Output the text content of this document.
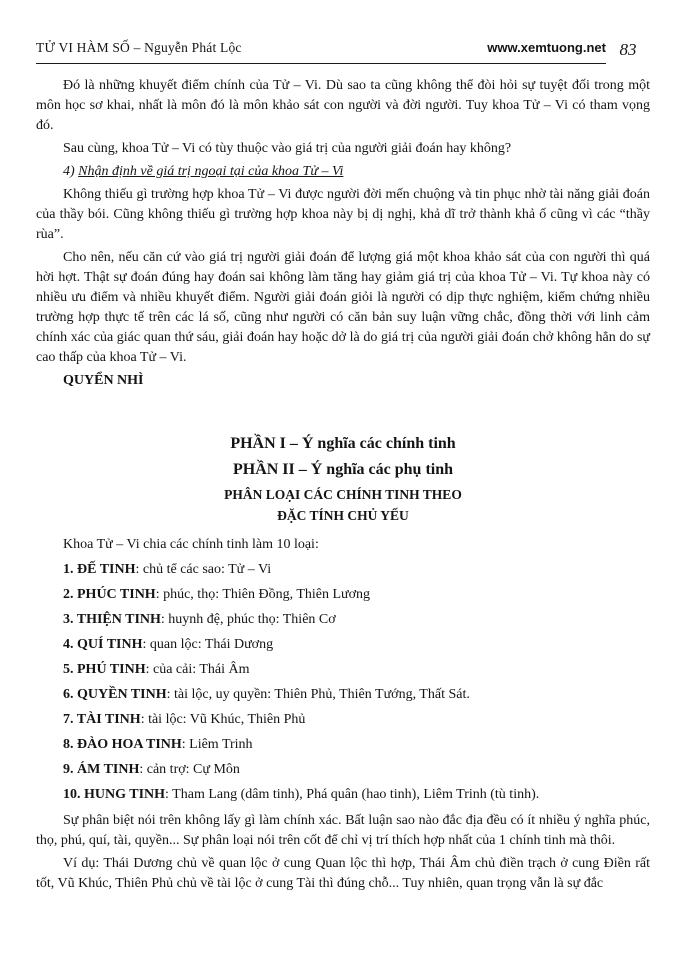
TỬ VI HÀM SỐ – Nguyễn Phát Lộc	www.xemtuong.net 83

Đó là những khuyết điểm chính của Tử – Vi. Dù sao ta cũng không thể đòi hỏi sự tuyệt đối trong một môn học sơ khai, nhất là môn đó là môn khảo sát con người và đời người. Tuy khoa Tử – Vi có tham vọng đó.

Sau cùng, khoa Tử – Vi có tùy thuộc vào giá trị của người giải đoán hay không?

4) Nhận định về giá trị ngoại tại của khoa Tử – Vi

Không thiếu gì trường hợp khoa Tử – Vi được người đời mến chuộng và tin phục nhờ tài năng giải đoán của thầy bói. Cũng không thiếu gì trường hợp khoa này bị dị nghị, khả dĩ trở thành khả ố cũng vì các “thầy rùa”.

Cho nên, nếu căn cứ vào giá trị người giải đoán để lượng giá một khoa khảo sát của con người thì quá hời hợt. Thật sự đoán đúng hay đoán sai không làm tăng hay giảm giá trị của khoa Tử – Vi. Tự khoa này có nhiều ưu điểm và nhiều khuyết điểm. Người giải đoán giỏi là người có dịp thực nghiệm, kiểm chứng nhiều trường hợp thực tế trên các lá số, cũng như người có căn bản suy luận vững chắc, đồng thời với linh cảm chính xác của giác quan thứ sáu, giải đoán hay hoặc dở là do giá trị của người giải đoán chở không hẳn do sự cao thấp của khoa Tử – Vi.

QUYỂN NHÌ

PHẦN I – Ý nghĩa các chính tinh

PHẦN II – Ý nghĩa các phụ tinh

PHÂN LOẠI CÁC CHÍNH TINH THEO

ĐẶC TÍNH CHỦ YẾU

Khoa Tử – Vi chia các chính tinh làm 10 loại:

1. ĐẾ TINH: chủ tể các sao: Tử – Vi

2. PHÚC TINH: phúc, thọ: Thiên Đồng, Thiên Lương

3. THIỆN TINH: huynh đệ, phúc thọ: Thiên Cơ

4. QUÍ TINH: quan lộc: Thái Dương

5. PHÚ TINH: của cải: Thái Âm

6. QUYỀN TINH: tài lộc, uy quyền: Thiên Phủ, Thiên Tướng, Thất Sát.

7. TÀI TINH: tài lộc: Vũ Khúc, Thiên Phủ

8. ĐÀO HOA TINH: Liêm Trinh

9. ÁM TINH: cản trợ: Cự Môn

10. HUNG TINH: Tham Lang (dâm tinh), Phá quân (hao tinh), Liêm Trinh (tù tinh).

Sự phân biệt nói trên không lấy gì làm chính xác. Bất luận sao nào đắc địa đều có ít nhiều ý nghĩa phúc, thọ, phú, quí, tài, quyền... Sự phân loại nói trên cốt để chỉ vị trí thích hợp nhất của 1 chính tinh mà thôi.

Ví dụ: Thái Dương chủ về quan lộc ở cung Quan lộc thì hợp, Thái Âm chủ điền trạch ở cung Điền rất tốt, Vũ Khúc, Thiên Phủ chủ về tài lộc ở cung Tài thì đúng chỗ... Tuy nhiên, quan trọng vẫn là sự đắc
